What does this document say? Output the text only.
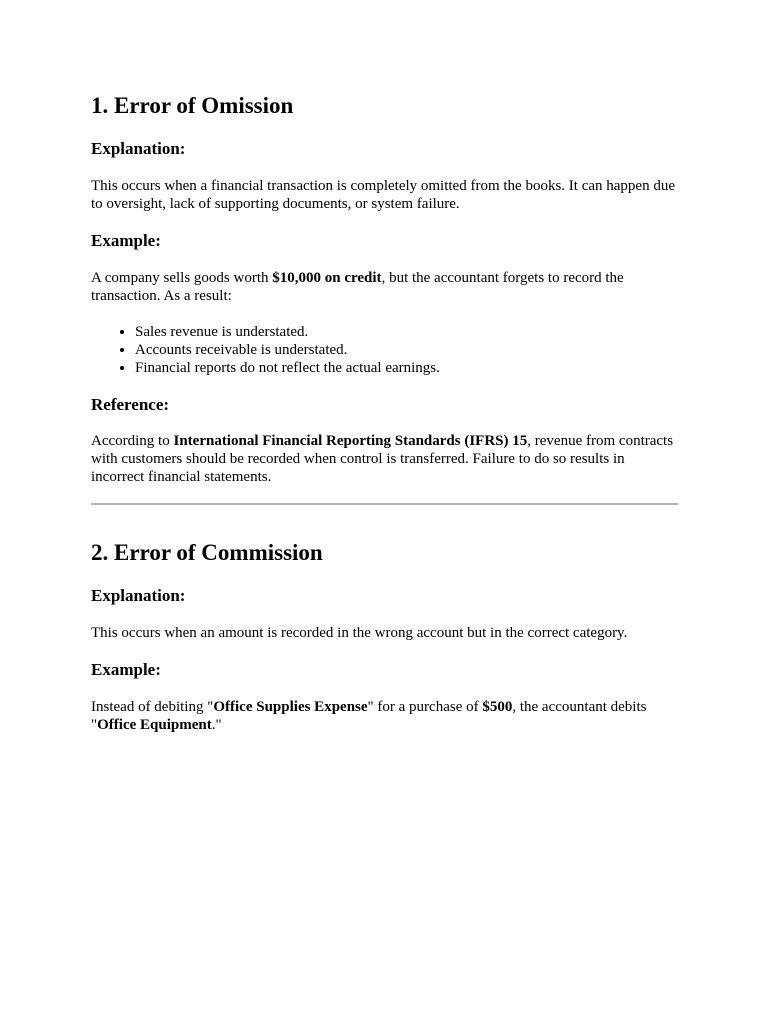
1. Error of Omission
Explanation:

This occurs when a financial transaction is completely omitted from the books. It can happen due to oversight, lack of supporting documents, or system failure.

Example:

A company sells goods worth $10,000 on credit, but the accountant forgets to record the transaction. As a result:

• Sales revenue is understated.
• Accounts receivable is understated.
• Financial reports do not reflect the actual earnings.
Reference:

According to International Financial Reporting Standards (IFRS) 15, revenue from contracts with customers should be recorded when control is transferred. Failure to do so results in incorrect financial statements.

2. Error of Commission
Explanation:

This occurs when an amount is recorded in the wrong account but in the correct category.

Example:

Instead of debiting "Office Supplies Expense" for a purchase of $500, the accountant debits "Office Equipment."
